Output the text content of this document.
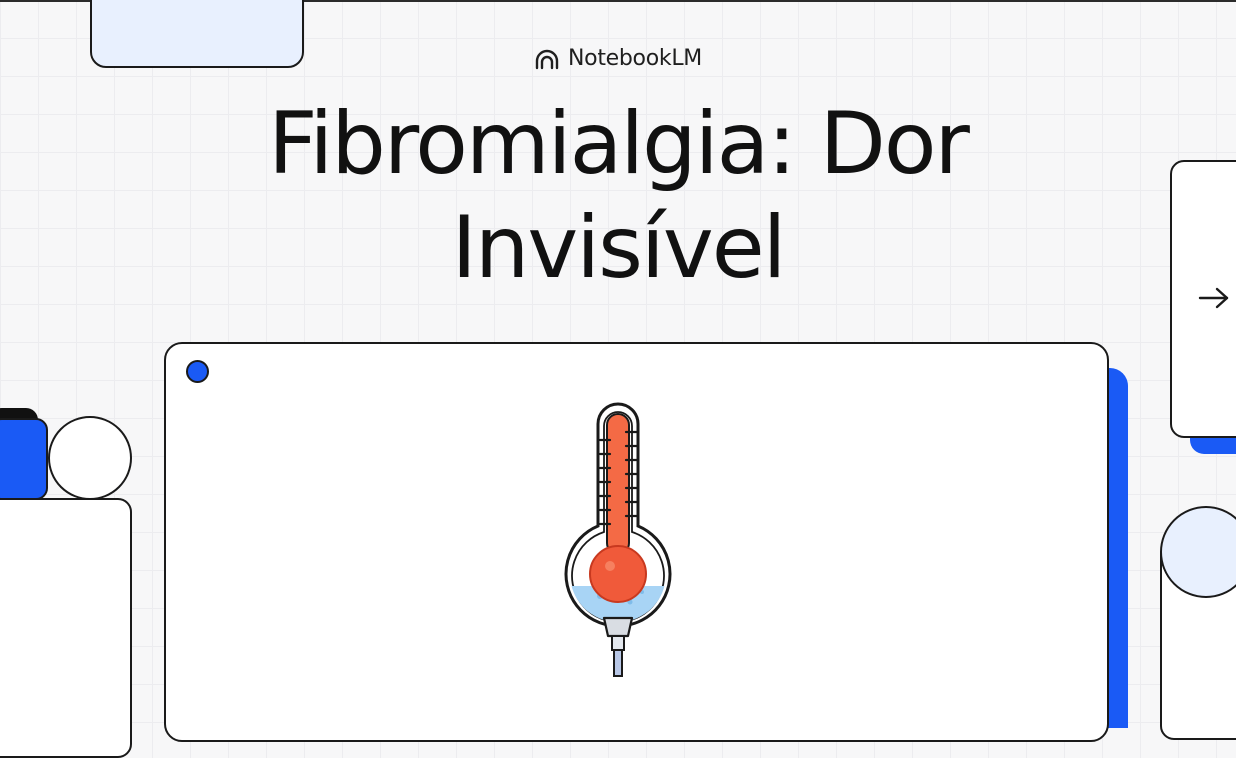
NotebookLM
Fibromialgia: Dor Invisível
